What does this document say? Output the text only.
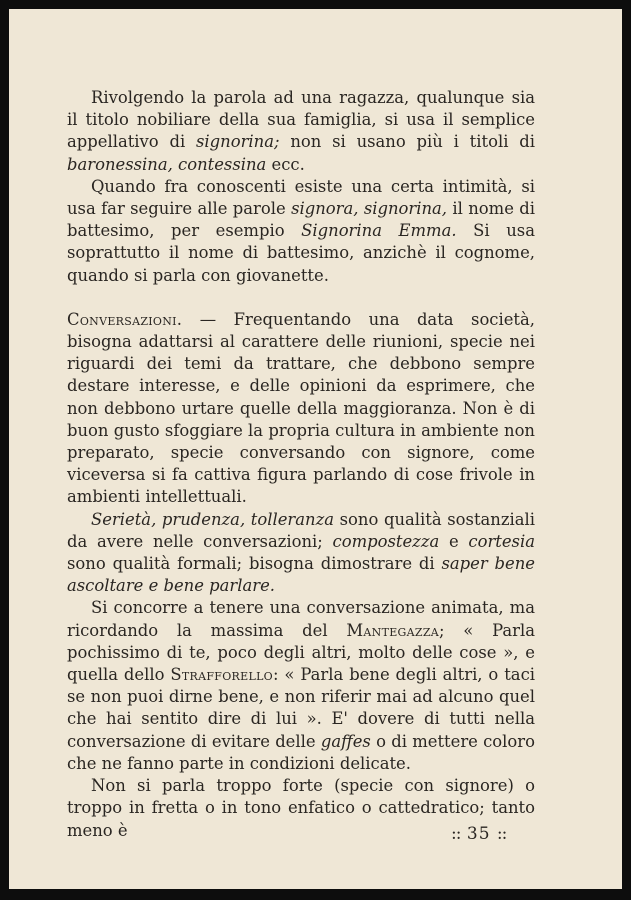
Rivolgendo la parola ad una ragazza, qualunque sia il titolo nobiliare della sua famiglia, si usa il semplice appellativo di signorina; non si usano più i titoli di baronessina, contessina ecc.

Quando fra conoscenti esiste una certa intimità, si usa far seguire alle parole signora, signorina, il nome di battesimo, per esempio Signorina Emma. Si usa soprattutto il nome di battesimo, anzichè il cognome, quando si parla con giovanette.

Conversazioni. — Frequentando una data società, bisogna adattarsi al carattere delle riunioni, specie nei riguardi dei temi da trattare, che debbono sempre destare interesse, e delle opinioni da esprimere, che non debbono urtare quelle della maggioranza. Non è di buon gusto sfoggiare la propria cultura in ambiente non preparato, specie conversando con signore, come viceversa si fa cattiva figura parlando di cose frivole in ambienti intellettuali.

Serietà, prudenza, tolleranza sono qualità sostanziali da avere nelle conversazioni; compostezza e cortesia sono qualità formali; bisogna dimostrare di saper bene ascoltare e bene parlare.

Si concorre a tenere una conversazione animata, ma ricordando la massima del Mantegazza; « Parla pochissimo di te, poco degli altri, molto delle cose », e quella dello Strafforello: « Parla bene degli altri, o taci se non puoi dirne bene, e non riferir mai ad alcuno quel che hai sentito dire di lui ». E' dovere di tutti nella conversazione di evitare delle gaffes o di mettere coloro che ne fanno parte in condizioni delicate.

Non si parla troppo forte (specie con signore) o troppo in fretta o in tono enfatico o cattedratico; tanto meno è	:: 35 ::
